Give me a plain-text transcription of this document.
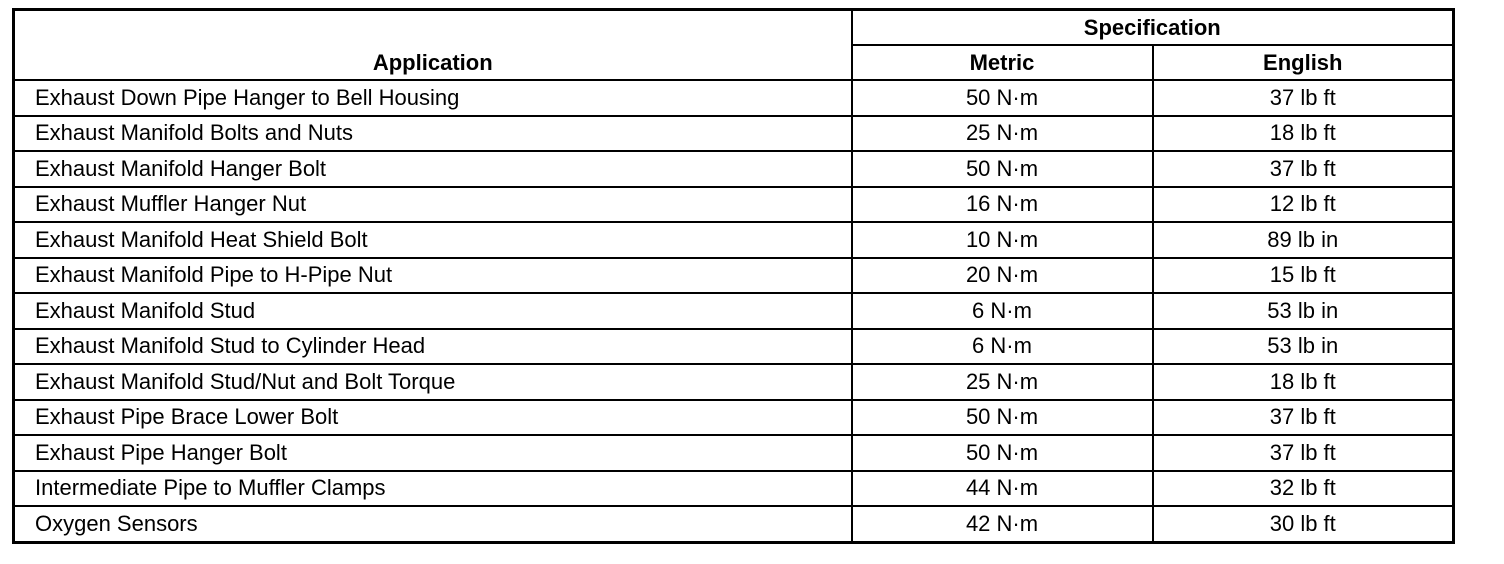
Application	Specification	
	Metric	English
Exhaust Down Pipe Hanger to Bell Housing	50 N·m	37 lb ft
Exhaust Manifold Bolts and Nuts	25 N·m	18 lb ft
Exhaust Manifold Hanger Bolt	50 N·m	37 lb ft
Exhaust Muffler Hanger Nut	16 N·m	12 lb ft
Exhaust Manifold Heat Shield Bolt	10 N·m	89 lb in
Exhaust Manifold Pipe to H-Pipe Nut	20 N·m	15 lb ft
Exhaust Manifold Stud	6 N·m	53 lb in
Exhaust Manifold Stud to Cylinder Head	6 N·m	53 lb in
Exhaust Manifold Stud/Nut and Bolt Torque	25 N·m	18 lb ft
Exhaust Pipe Brace Lower Bolt	50 N·m	37 lb ft
Exhaust Pipe Hanger Bolt	50 N·m	37 lb ft
Intermediate Pipe to Muffler Clamps	44 N·m	32 lb ft
Oxygen Sensors	42 N·m	30 lb ft
